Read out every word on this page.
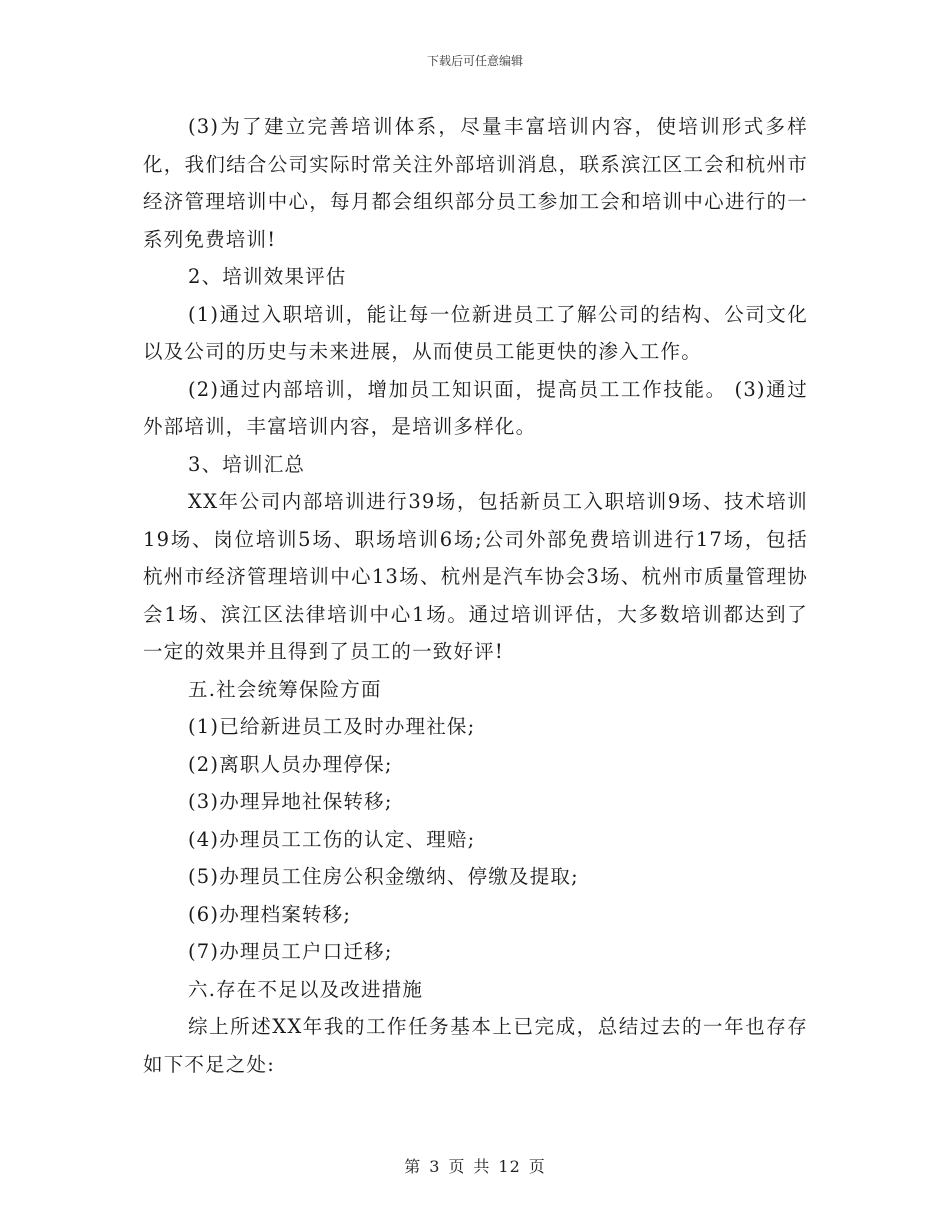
下载后可任意编辑

(3)为了建立完善培训体系，尽量丰富培训内容，使培训形式多样化，我们结合公司实际时常关注外部培训消息，联系滨江区工会和杭州市经济管理培训中心，每月都会组织部分员工参加工会和培训中心进行的一系列免费培训!

2、培训效果评估

(1)通过入职培训，能让每一位新进员工了解公司的结构、公司文化以及公司的历史与未来进展，从而使员工能更快的渗入工作。

(2)通过内部培训，增加员工知识面，提高员工工作技能。 (3)通过外部培训，丰富培训内容，是培训多样化。

3、培训汇总

XX年公司内部培训进行39场，包括新员工入职培训9场、技术培训19场、岗位培训5场、职场培训6场;公司外部免费培训进行17场，包括杭州市经济管理培训中心13场、杭州是汽车协会3场、杭州市质量管理协会1场、滨江区法律培训中心1场。通过培训评估，大多数培训都达到了一定的效果并且得到了员工的一致好评!

五.社会统筹保险方面

(1)已给新进员工及时办理社保;

(2)离职人员办理停保;

(3)办理异地社保转移;

(4)办理员工工伤的认定、理赔;

(5)办理员工住房公积金缴纳、停缴及提取;

(6)办理档案转移;

(7)办理员工户口迁移;

六.存在不足以及改进措施

综上所述XX年我的工作任务基本上已完成，总结过去的一年也存存如下不足之处:

第 3 页 共 12 页
